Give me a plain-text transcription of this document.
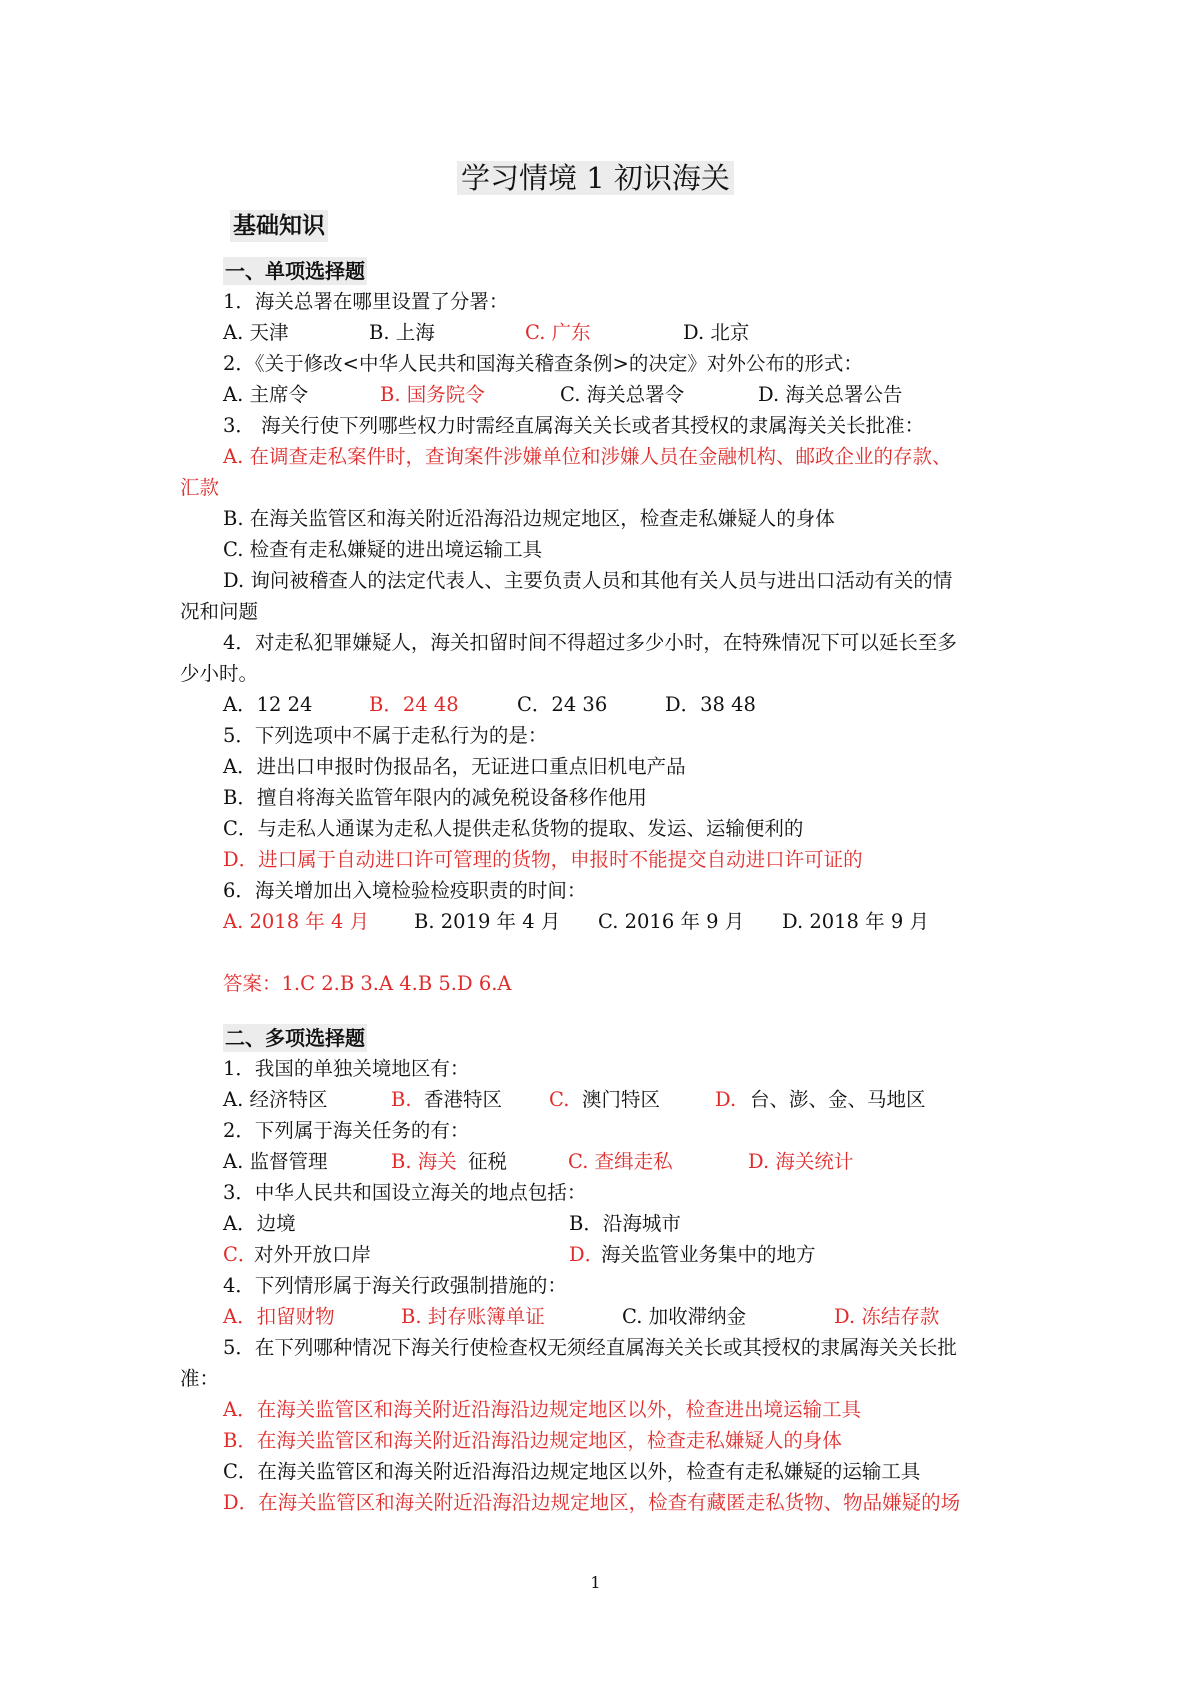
学习情境 1 初识海关
基础知识
一、单项选择题
1．海关总署在哪里设置了分署：
A. 天津	B. 上海	C. 广东	D. 北京
2．《关于修改<中华人民共和国海关稽查条例>的决定》对外公布的形式：
A. 主席令	B. 国务院令	C. 海关总署令	D. 海关总署公告
3． 海关行使下列哪些权力时需经直属海关关长或者其授权的隶属海关关长批准：
A. 在调查走私案件时，查询案件涉嫌单位和涉嫌人员在金融机构、邮政企业的存款、
汇款
B. 在海关监管区和海关附近沿海沿边规定地区，检查走私嫌疑人的身体
C. 检查有走私嫌疑的进出境运输工具
D. 询问被稽查人的法定代表人、主要负责人员和其他有关人员与进出口活动有关的情
况和问题
4．对走私犯罪嫌疑人，海关扣留时间不得超过多少小时，在特殊情况下可以延长至多
少小时。
A．12 24	B．24 48	C．24 36	D．38 48
5．下列选项中不属于走私行为的是：
A．进出口申报时伪报品名，无证进口重点旧机电产品
B．擅自将海关监管年限内的减免税设备移作他用
C．与走私人通谋为走私人提供走私货物的提取、发运、运输便利的
D．进口属于自动进口许可管理的货物，申报时不能提交自动进口许可证的
6．海关增加出入境检验检疫职责的时间：
A. 2018 年 4 月 B. 2019 年 4 月 C. 2016 年 9 月 D. 2018 年 9 月
答案：1.C 2.B 3.A 4.B 5.D 6.A
二、多项选择题
1．我国的单独关境地区有：
A. 经济特区	B. 香港特区 C. 澳门特区	D. 台、澎、金、马地区
2．下列属于海关任务的有：
A. 监督管理	B. 海关 征税	C. 查缉走私	D. 海关统计
3．中华人民共和国设立海关的地点包括：
A．边境	B．沿海城市
C．
对外开放口岸	D．
海关监管业务集中的地方
4．下列情形属于海关行政强制措施的：
A．扣留财物	B. 封存账簿单证	C. 加收滞纳金	D. 冻结存款
5．在下列哪种情况下海关行使检查权无须经直属海关关长或其授权的隶属海关关长批
准：
A．在海关监管区和海关附近沿海沿边规定地区以外，检查进出境运输工具
B．在海关监管区和海关附近沿海沿边规定地区，检查走私嫌疑人的身体
C．在海关监管区和海关附近沿海沿边规定地区以外，检查有走私嫌疑的运输工具
D．在海关监管区和海关附近沿海沿边规定地区，检查有藏匿走私货物、物品嫌疑的场
1
